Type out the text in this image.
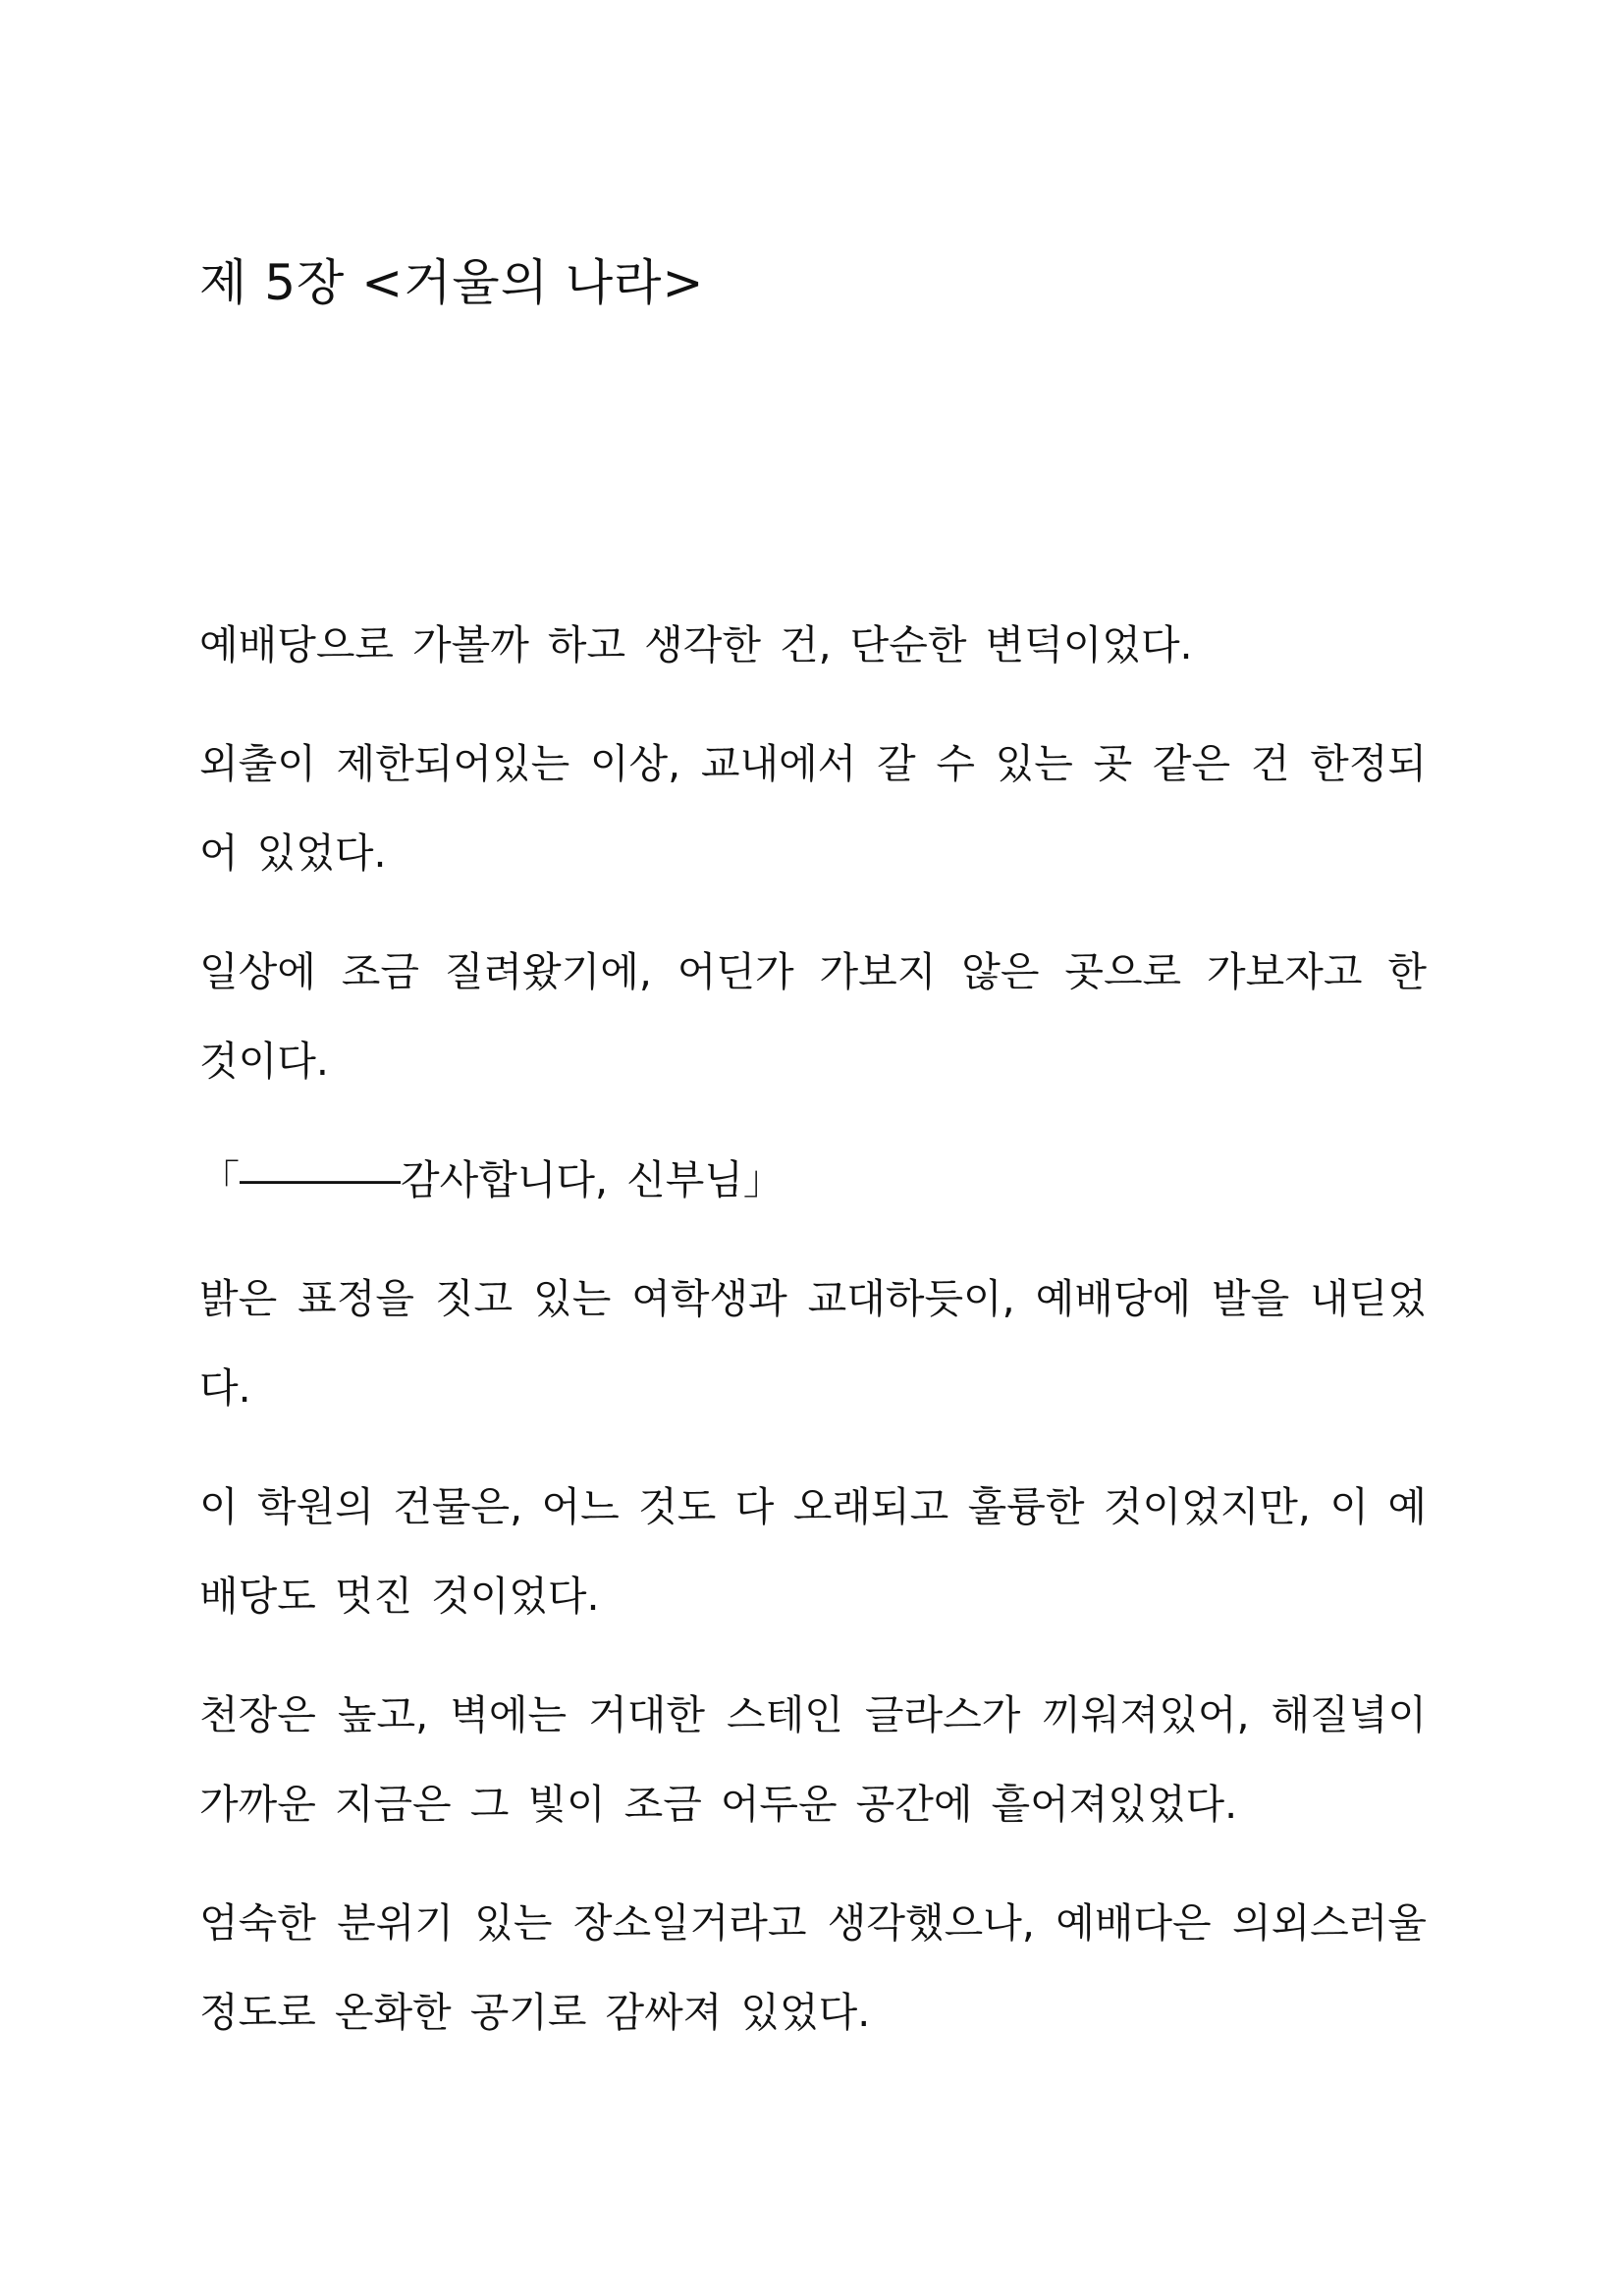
제 5장 <거울의 나라>

예배당으로 가볼까 하고 생각한 건, 단순한 변덕이었다.

외출이 제한되어있는 이상, 교내에서 갈 수 있는 곳 같은 건 한정되어 있었다.

일상에 조금 질려왔기에, 어딘가 가보지 않은 곳으로 가보자고 한 것이다.

「――――감사합니다, 신부님」

밝은 표정을 짓고 있는 여학생과 교대하듯이, 예배당에 발을 내딛었다.

이 학원의 건물은, 어느 것도 다 오래되고 훌륭한 것이었지만, 이 예배당도 멋진 것이었다.

천장은 높고, 벽에는 거대한 스테인 글라스가 끼워져있어, 해질녘이 가까운 지금은 그 빛이 조금 어두운 공간에 흩어져있었다.

엄숙한 분위기 있는 장소일거라고 생각했으나, 예배다은 의외스러울 정도로 온화한 공기로 감싸져 있었다.
